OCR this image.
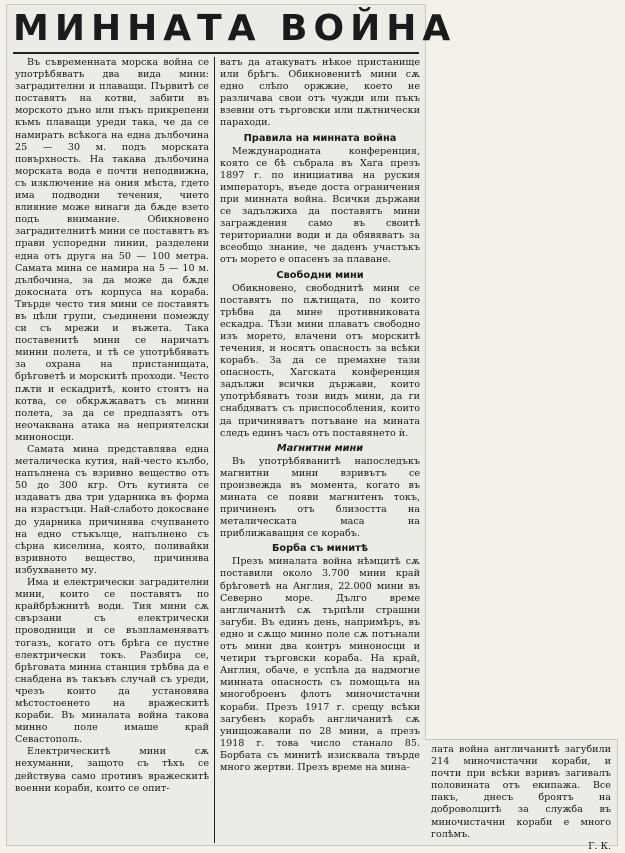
МИННАТА ВОЙНА

Въ съвременната морска война се употрѣбяватъ два вида мини: заградителни и плаващи. Първитѣ се поставятъ на котви, забити въ морското дъно или пъкъ прикрепени къмъ плаващи уреди така, че да се намиратъ всѣкога на една дълбочина 25 — 30 м. подъ морската повърхность. На такава дълбочина морската вода е почти неподвижна, съ изключение на ония мѣста, гдето има подводни течения, чието влияние може винаги да бѫде взето подъ внимание. Обикновено заградителнитѣ мини се поставятъ въ прави успоредни линии, разделени една отъ друга на 50 — 100 метра. Самата мина се намира на 5 — 10 м. дълбочина, за да може да бѫде докосната отъ корпуса на кораба. Твърде често тия мини се поставятъ въ цѣли групи, съединени помежду си съ мрежи и въжета. Така поставенитѣ мини се наричатъ минни полета, и тѣ се употрѣбяватъ за охрана на пристанищата, брѣговетѣ и морскитѣ проходи. Често пѫти и ескадритѣ, които стоятъ на котва, се обкрѫжаватъ съ минни полета, за да се предпазятъ отъ неочаквана атака на неприятелски миноносци.

Самата мина представлява една металическа кутия, най-често кълбо, напълнена съ взривно вещество отъ 50 до 300 кгр. Отъ кутията се издаватъ два три ударника въ форма на израстъци. Най-слабото докосване до ударника причинява счупването на едно стъкълце, напълнено съ сѣрна киселина, която, поливайки взривното вещество, причинява избухването му.

Има и електрически заградителни мини, които се поставятъ по крайбрѣжнитѣ води. Тия мини сѫ свързани съ електрически проводници и се възпламеняватъ тогазъ, когато отъ брѣга се пустне електрически токъ. Разбира се, брѣговата минна станция трѣбва да е снабдена въ такъвъ случай съ уреди, чрезъ които да установява мѣстостоенето на вражескитѣ кораби. Въ миналата война такова минно поле имаше край Севастополь.

Електрическитѣ мини сѫ нехуманни, защото съ тѣхъ се действува само противъ вражескитѣ военни кораби, които се опит-

ватъ да атакуватъ нѣкое пристанище или брѣгъ. Обикновенитѣ мини сѫ едно слѣпо оржжие, което не различава свои отъ чужди или пъкъ взевни отъ търговски или пѫтнически параходи.

Правила на минната война

Международната конференция, която се бѣ събрала въ Хага презъ 1897 г. по инициатива на руския императоръ, въеде доста ограничения при минната война. Всички държави се задължиха да поставятъ мини заграждения само въ своитѣ териториални води и да обявяватъ за всеобщо знание, че даденъ участъкъ отъ морето е опасенъ за плаване.

Свободни мини

Обикновено, свободнитѣ мини се поставятъ по пѫтищата, по които трѣбва да мине противниковата ескадра. Тѣзи мини плаватъ свободно изъ морето, влачени отъ морскитѣ течения, и носятъ опасность за всѣки корабъ. За да се премахне тази опасность, Хагската конференция задължи всички държави, които употрѣбяватъ този видъ мини, да ги снабдяватъ съ приспособления, които да причиняватъ потъване на мината следъ единъ часъ отъ поставянето ѝ.

Магнитни мини

Въ употрѣбяванитѣ напоследъкъ магнитни мини взривътъ се произвежда въ момента, когато въ мината се появи магнитенъ токъ, причиненъ отъ близостта на металическата маса на приближаващия се корабъ.

Борба съ минитѣ

Презъ миналата война нѣмцитѣ сѫ поставили около 3.700 мини край брѣговетѣ на Англия, 22.000 мини въ Северно море. Дълго време англичанитѣ сѫ търпѣли страшни загуби. Въ единъ день, напримѣръ, въ едно и сѫщо минно поле сѫ потънали отъ мини два контръ миноносци и четири търговски кораба. На край, Англия, обаче, е успѣла да надмогне минната опасность съ помощьта на многоброенъ флотъ миночистачни кораби. Презъ 1917 г. срещу всѣки загубенъ корабъ англичанитѣ сѫ унищожавали по 28 мини, а презъ 1918 г. това число станало 85. Борбата съ минитѣ изисквала твърде много жертви. Презъ време на мина-

лата война англичанитѣ загубили 214 миночистачни кораби, и почти при всѣки взривъ загивалъ половината отъ екипажа. Все пакъ, днесъ броятъ на доброволцитѣ за служба въ миночистачни кораби е много голѣмъ.

Г. К.
